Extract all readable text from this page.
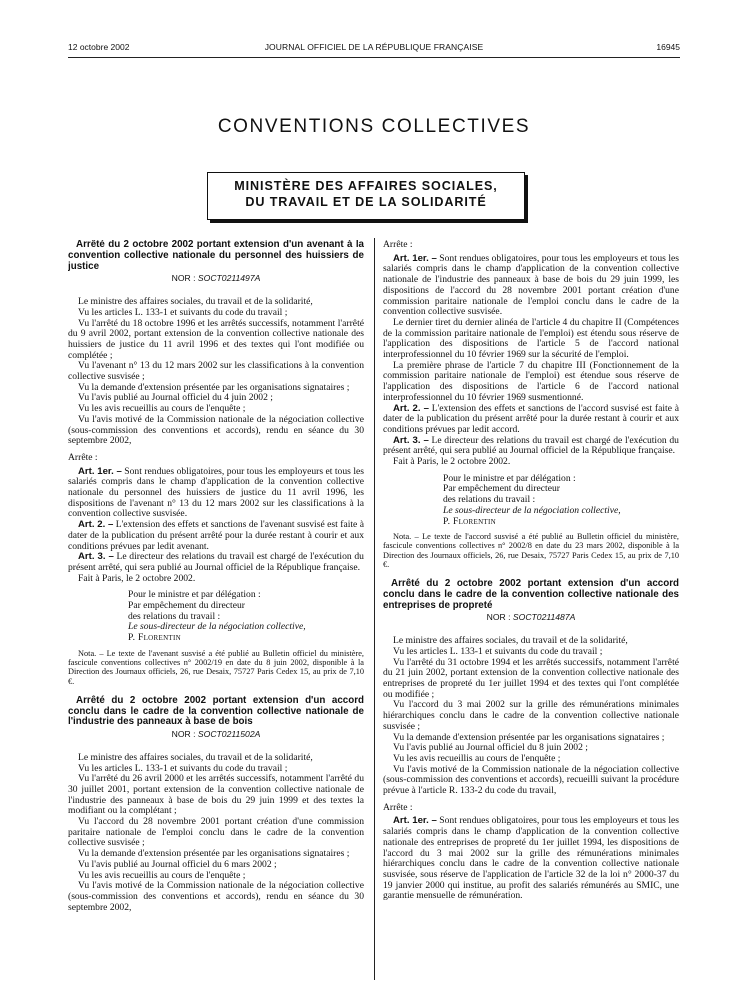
12 octobre 2002	JOURNAL OFFICIEL DE LA RÉPUBLIQUE FRANÇAISE	16945
CONVENTIONS COLLECTIVES
MINISTÈRE DES AFFAIRES SOCIALES,
DU TRAVAIL ET DE LA SOLIDARITÉ

Arrêté du 2 octobre 2002 portant extension d'un avenant à la convention collective nationale du personnel des huissiers de justice

NOR : SOCT0211497A

Le ministre des affaires sociales, du travail et de la solidarité,

Vu les articles L. 133-1 et suivants du code du travail ;

Vu l'arrêté du 18 octobre 1996 et les arrêtés successifs, notamment l'arrêté du 9 avril 2002, portant extension de la convention collective nationale des huissiers de justice du 11 avril 1996 et des textes qui l'ont modifiée ou complétée ;

Vu l'avenant n° 13 du 12 mars 2002 sur les classifications à la convention collective susvisée ;

Vu la demande d'extension présentée par les organisations signataires ;

Vu l'avis publié au Journal officiel du 4 juin 2002 ;

Vu les avis recueillis au cours de l'enquête ;

Vu l'avis motivé de la Commission nationale de la négociation collective (sous-commission des conventions et accords), rendu en séance du 30 septembre 2002,

Arrête :

Art. 1er. – Sont rendues obligatoires, pour tous les employeurs et tous les salariés compris dans le champ d'application de la convention collective nationale du personnel des huissiers de justice du 11 avril 1996, les dispositions de l'avenant n° 13 du 12 mars 2002 sur les classifications à la convention collective susvisée.

Art. 2. – L'extension des effets et sanctions de l'avenant susvisé est faite à dater de la publication du présent arrêté pour la durée restant à courir et aux conditions prévues par ledit avenant.

Art. 3. – Le directeur des relations du travail est chargé de l'exécution du présent arrêté, qui sera publié au Journal officiel de la République française.

Fait à Paris, le 2 octobre 2002.

Pour le ministre et par délégation :

Par empêchement du directeur

des relations du travail :

Le sous-directeur de la négociation collective,

P. Florentin

Nota. – Le texte de l'avenant susvisé a été publié au Bulletin officiel du ministère, fascicule conventions collectives n° 2002/19 en date du 8 juin 2002, disponible à la Direction des Journaux officiels, 26, rue Desaix, 75727 Paris Cedex 15, au prix de 7,10 €.

Arrêté du 2 octobre 2002 portant extension d'un accord conclu dans le cadre de la convention collective nationale de l'industrie des panneaux à base de bois

NOR : SOCT0211502A

Le ministre des affaires sociales, du travail et de la solidarité,

Vu les articles L. 133-1 et suivants du code du travail ;

Vu l'arrêté du 26 avril 2000 et les arrêtés successifs, notamment l'arrêté du 30 juillet 2001, portant extension de la convention collective nationale de l'industrie des panneaux à base de bois du 29 juin 1999 et des textes la modifiant ou la complétant ;

Vu l'accord du 28 novembre 2001 portant création d'une commission paritaire nationale de l'emploi conclu dans le cadre de la convention collective susvisée ;

Vu la demande d'extension présentée par les organisations signataires ;

Vu l'avis publié au Journal officiel du 6 mars 2002 ;

Vu les avis recueillis au cours de l'enquête ;

Vu l'avis motivé de la Commission nationale de la négociation collective (sous-commission des conventions et accords), rendu en séance du 30 septembre 2002,

Arrête :

Art. 1er. – Sont rendues obligatoires, pour tous les employeurs et tous les salariés compris dans le champ d'application de la convention collective nationale de l'industrie des panneaux à base de bois du 29 juin 1999, les dispositions de l'accord du 28 novembre 2001 portant création d'une commission paritaire nationale de l'emploi conclu dans le cadre de la convention collective susvisée.

Le dernier tiret du dernier alinéa de l'article 4 du chapitre II (Compétences de la commission paritaire nationale de l'emploi) est étendu sous réserve de l'application des dispositions de l'article 5 de l'accord national interprofessionnel du 10 février 1969 sur la sécurité de l'emploi.

La première phrase de l'article 7 du chapitre III (Fonctionnement de la commission paritaire nationale de l'emploi) est étendue sous réserve de l'application des dispositions de l'article 6 de l'accord national interprofessionnel du 10 février 1969 susmentionné.

Art. 2. – L'extension des effets et sanctions de l'accord susvisé est faite à dater de la publication du présent arrêté pour la durée restant à courir et aux conditions prévues par ledit accord.

Art. 3. – Le directeur des relations du travail est chargé de l'exécution du présent arrêté, qui sera publié au Journal officiel de la République française.

Fait à Paris, le 2 octobre 2002.

Pour le ministre et par délégation :

Par empêchement du directeur

des relations du travail :

Le sous-directeur de la négociation collective,

P. Florentin

Nota. – Le texte de l'accord susvisé a été publié au Bulletin officiel du ministère, fascicule conventions collectives n° 2002/8 en date du 23 mars 2002, disponible à la Direction des Journaux officiels, 26, rue Desaix, 75727 Paris Cedex 15, au prix de 7,10 €.

Arrêté du 2 octobre 2002 portant extension d'un accord conclu dans le cadre de la convention collective nationale des entreprises de propreté

NOR : SOCT0211487A

Le ministre des affaires sociales, du travail et de la solidarité,

Vu les articles L. 133-1 et suivants du code du travail ;

Vu l'arrêté du 31 octobre 1994 et les arrêtés successifs, notamment l'arrêté du 21 juin 2002, portant extension de la convention collective nationale des entreprises de propreté du 1er juillet 1994 et des textes qui l'ont complétée ou modifiée ;

Vu l'accord du 3 mai 2002 sur la grille des rémunérations minimales hiérarchiques conclu dans le cadre de la convention collective nationale susvisée ;

Vu la demande d'extension présentée par les organisations signataires ;

Vu l'avis publié au Journal officiel du 8 juin 2002 ;

Vu les avis recueillis au cours de l'enquête ;

Vu l'avis motivé de la Commission nationale de la négociation collective (sous-commission des conventions et accords), recueilli suivant la procédure prévue à l'article R. 133-2 du code du travail,

Arrête :

Art. 1er. – Sont rendues obligatoires, pour tous les employeurs et tous les salariés compris dans le champ d'application de la convention collective nationale des entreprises de propreté du 1er juillet 1994, les dispositions de l'accord du 3 mai 2002 sur la grille des rémunérations minimales hiérarchiques conclu dans le cadre de la convention collective nationale susvisée, sous réserve de l'application de l'article 32 de la loi n° 2000-37 du 19 janvier 2000 qui institue, au profit des salariés rémunérés au SMIC, une garantie mensuelle de rémunération.
